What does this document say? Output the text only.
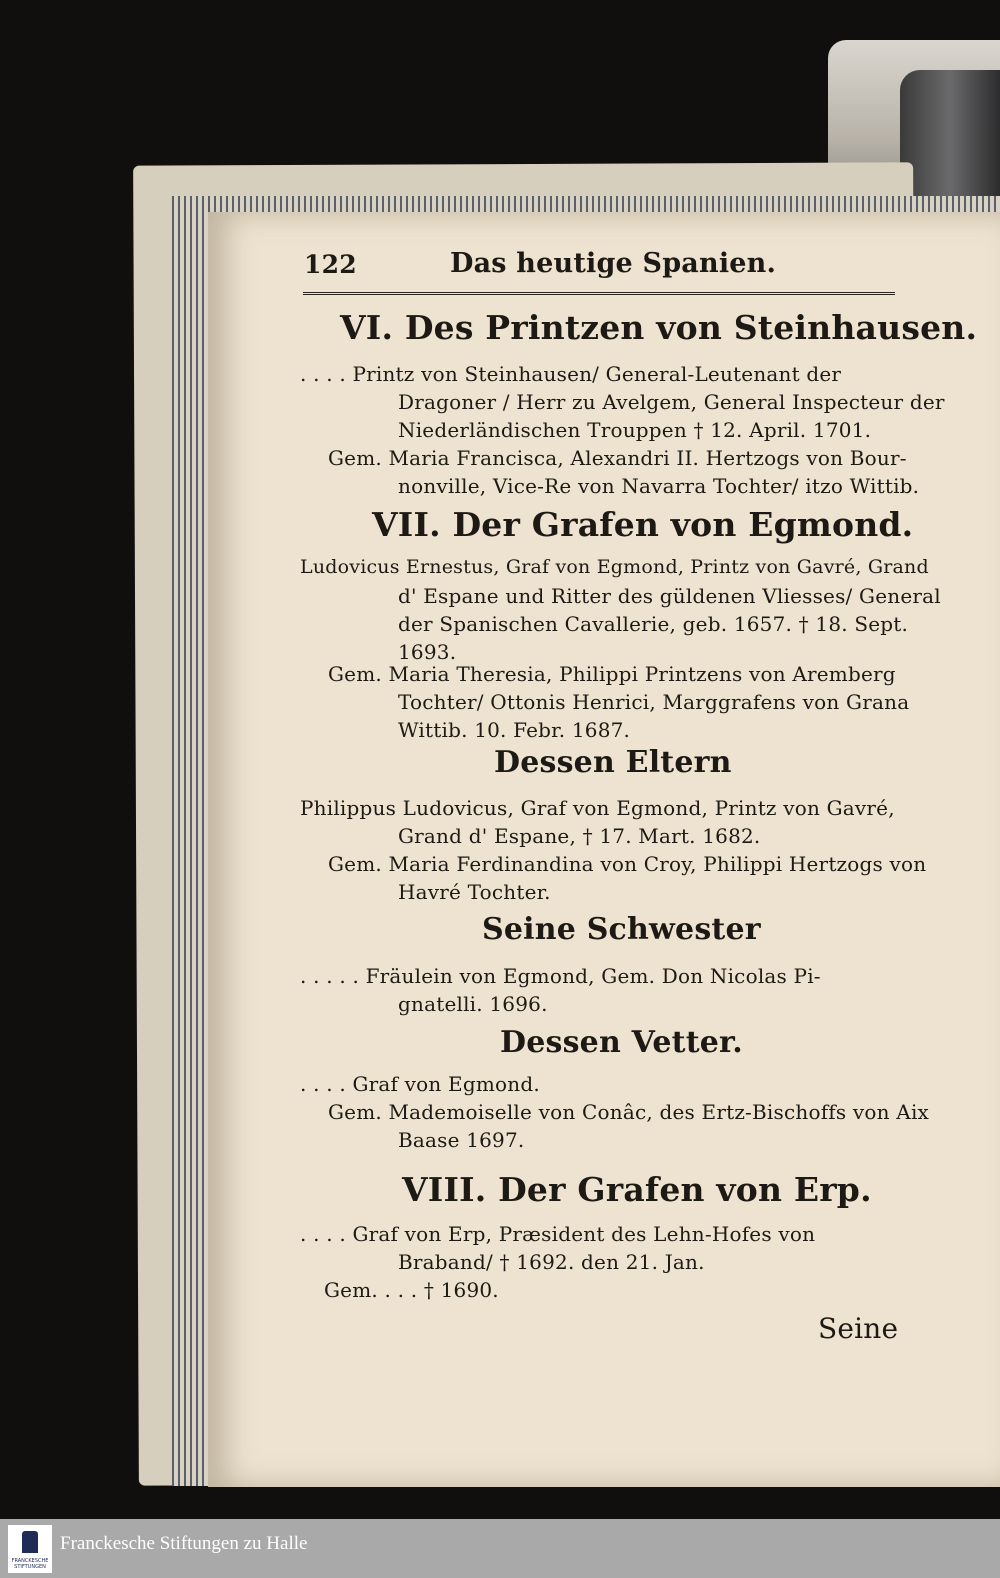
122	Das heutige Spanien.
VI. Des Printzen von Steinhausen.
. . . . Printz von Steinhausen/ General-Leutenant der
Dragoner / Herr zu Avelgem, General Inspecteur der
Niederländischen Trouppen † 12. April. 1701.
Gem. Maria Francisca, Alexandri II. Hertzogs von Bour-
nonville, Vice-Re von Navarra Tochter/ itzo Wittib.
VII. Der Grafen von Egmond.
Ludovicus Ernestus, Graf von Egmond, Printz von Gavré, Grand
d' Espane und Ritter des güldenen Vliesses/ General
der Spanischen Cavallerie, geb. 1657. † 18. Sept.
1693.
Gem. Maria Theresia, Philippi Printzens von Aremberg
Tochter/ Ottonis Henrici, Marggrafens von Grana
Wittib. 10. Febr. 1687.
Dessen Eltern
Philippus Ludovicus, Graf von Egmond, Printz von Gavré,
Grand d' Espane, † 17. Mart. 1682.
Gem. Maria Ferdinandina von Croy, Philippi Hertzogs von
Havré Tochter.
Seine Schwester
. . . . . Fräulein von Egmond, Gem. Don Nicolas Pi-
gnatelli. 1696.
Dessen Vetter.
. . . . Graf von Egmond.
Gem. Mademoiselle von Conâc, des Ertz-Bischoffs von Aix
Baase 1697.
VIII. Der Grafen von Erp.
. . . . Graf von Erp, Præsident des Lehn-Hofes von
Braband/ † 1692. den 21. Jan.
Gem. . . . † 1690.
Seine
FRANCKESCHE STIFTUNGEN
Franckesche Stiftungen zu Halle
